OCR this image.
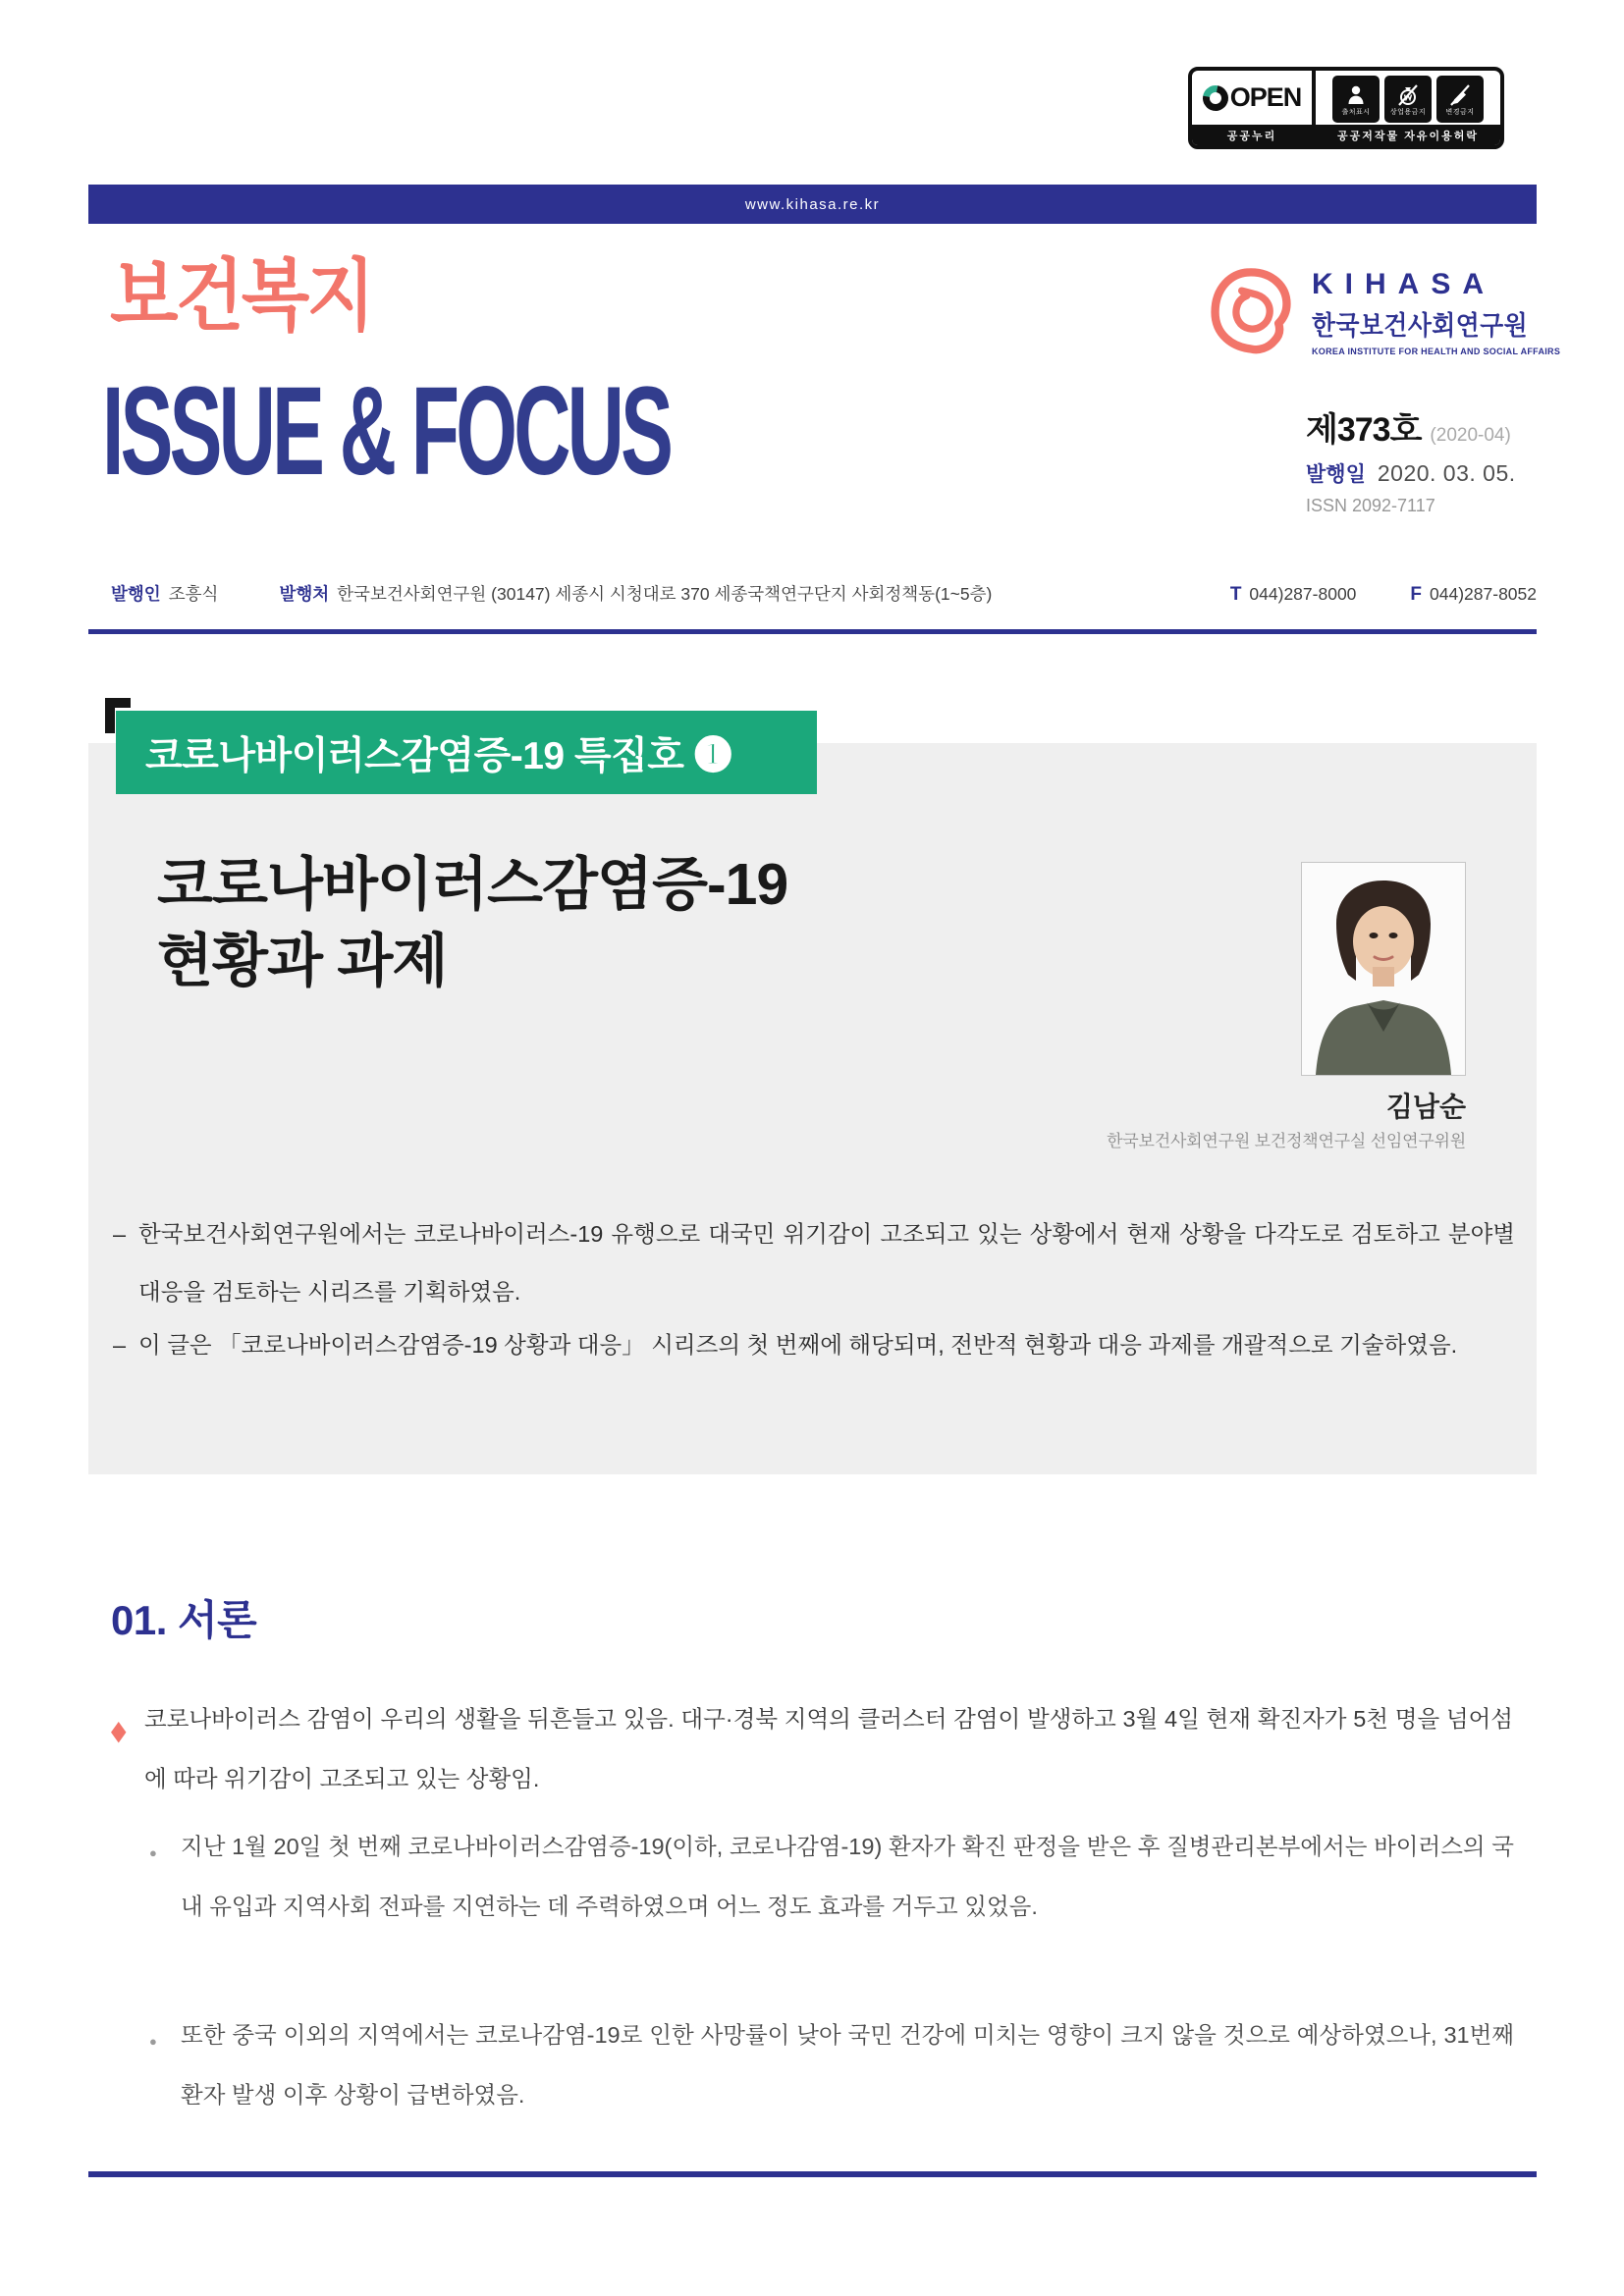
OPEN
공공누리
출처표시	상업용금지	변경금지
공공저작물 자유이용허락
www.kihasa.re.kr
보건복지
ISSUE & FOCUS
KIHASA
한국보건사회연구원
KOREA INSTITUTE FOR HEALTH AND SOCIAL AFFAIRS
제373호 (2020-04)
발행일 2020. 03. 05.
ISSN 2092-7117
발행인 조흥식	발행처 한국보건사회연구원 (30147) 세종시 시청대로 370 세종국책연구단지 사회정책동(1~5층)	T 044)287-8000	F 044)287-8052
코로나바이러스감염증-19 특집호 ❶
코로나바이러스감염증-19
현황과 과제
김남순
한국보건사회연구원 보건정책연구실 선임연구위원
– 한국보건사회연구원에서는 코로나바이러스-19 유행으로 대국민 위기감이 고조되고 있는 상황에서 현재 상황을 다각도로 검토하고 분야별 대응을 검토하는 시리즈를 기획하였음.
– 이 글은 「코로나바이러스감염증-19 상황과 대응」 시리즈의 첫 번째에 해당되며, 전반적 현황과 대응 과제를 개괄적으로 기술하였음.
01. 서론
◆ 코로나바이러스 감염이 우리의 생활을 뒤흔들고 있음. 대구·경북 지역의 클러스터 감염이 발생하고 3월 4일 현재 확진자가 5천 명을 넘어섬에 따라 위기감이 고조되고 있는 상황임.
● 지난 1월 20일 첫 번째 코로나바이러스감염증-19(이하, 코로나감염-19) 환자가 확진 판정을 받은 후 질병관리본부에서는 바이러스의 국내 유입과 지역사회 전파를 지연하는 데 주력하였으며 어느 정도 효과를 거두고 있었음.
● 또한 중국 이외의 지역에서는 코로나감염-19로 인한 사망률이 낮아 국민 건강에 미치는 영향이 크지 않을 것으로 예상하였으나, 31번째 환자 발생 이후 상황이 급변하였음.
